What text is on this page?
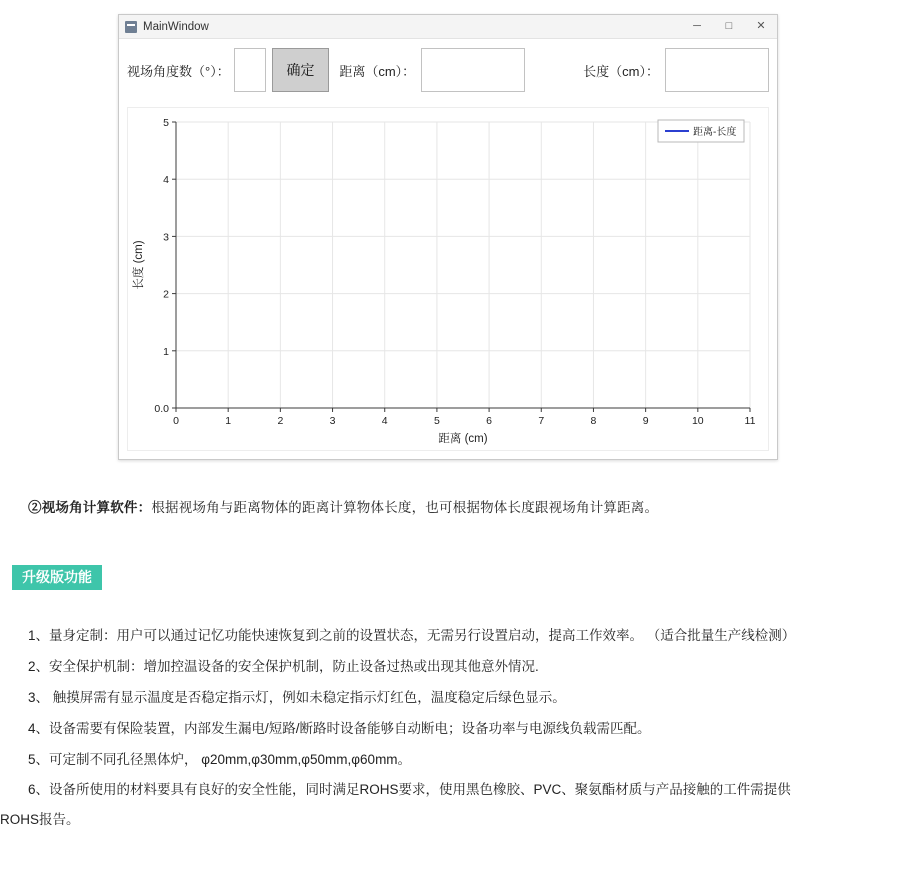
MainWindow	─	□	✕
视场角度数（°）：	确定	距离（cm）：	长度（cm）：
0	1	2	3	4	5	6	7	8	9	10	11
0.0
1
2
3
4
5
距离 (cm)
长度 (cm)
距离-长度
②视场角计算软件：根据视场角与距离物体的距离计算物体长度，也可根据物体长度跟视场角计算距离。
升级版功能
1、量身定制：用户可以通过记忆功能快速恢复到之前的设置状态，无需另行设置启动，提高工作效率。 （适合批量生产线检测）
2、安全保护机制：增加控温设备的安全保护机制，防止设备过热或出现其他意外情况.
3、 触摸屏需有显示温度是否稳定指示灯，例如未稳定指示灯红色，温度稳定后绿色显示。
4、设备需要有保险装置，内部发生漏电/短路/断路时设备能够自动断电；设备功率与电源线负载需匹配。
5、可定制不同孔径黑体炉， φ20mm,φ30mm,φ50mm,φ60mm。
6、设备所使用的材料要具有良好的安全性能，同时满足ROHS要求，使用黑色橡胶、PVC、聚氨酯材质与产品接触的工件需提供
ROHS报告。
